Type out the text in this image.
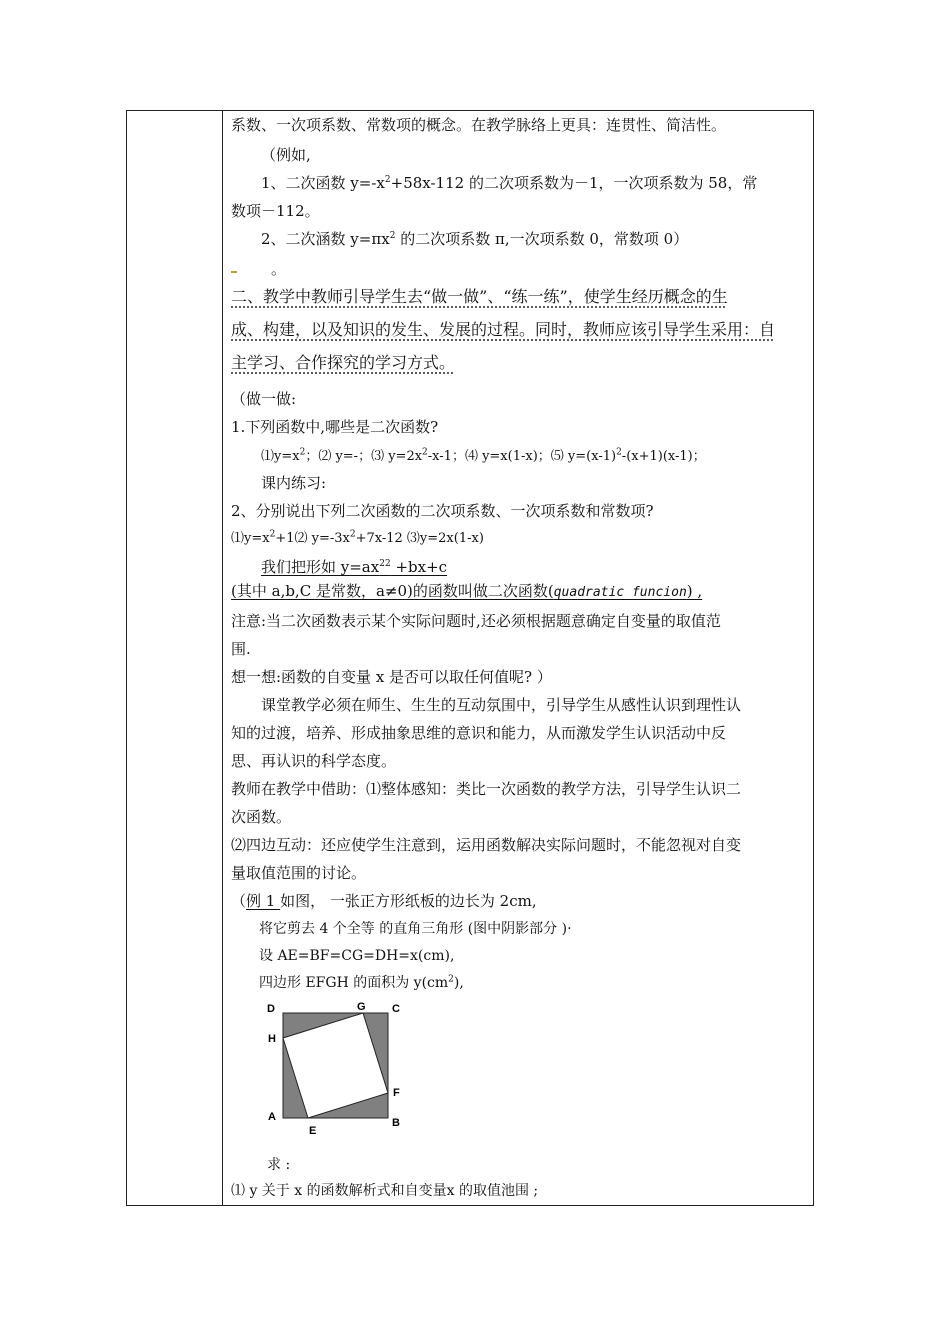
系数、一次项系数、常数项的概念。在教学脉络上更具：连贯性、简洁性。
（例如,
1、二次函数 $y=-x^2+58x-112$ 的二次项系数为－1，一次项系数为 58，常
数项－112。
2、二次涵数 $y=\pi x^2$ 的二次项系数 π,一次项系数 0，常数项 0）
。
二、教学中教师引导学生去“做一做”、“练一练”，使学生经历概念的生
成、构建，以及知识的发生、发展的过程。同时，教师应该引导学生采用：自
主学习、合作探究的学习方式。
（做一做:
1.下列函数中,哪些是二次函数?
$⑴y=x^2$；⑵ y=-；⑶ $y=2x^2-x-1$；⑷ y=x(1-x)；⑸ $y=(x-1)^2-(x+1)(x-1)$；
课内练习:
2、分别说出下列二次函数的二次项系数、一次项系数和常数项?
$⑴y=x^2+1⑵$ $y=-3x^2+7x-12$ ⑶y=2x(1-x)
我们把形如 $y=ax^{22} +bx+c$
(其中 a,b,C 是常数，a≠0)的函数叫做二次函数(quadratic funcion) ,
注意:当二次函数表示某个实际问题时,还必须根据题意确定自变量的取值范
围.
想一想:函数的自变量 x 是否可以取任何值呢? ）
课堂教学必须在师生、生生的互动氛围中，引导学生从感性认识到理性认
知的过渡，培养、形成抽象思维的意识和能力，从而激发学生认识活动中反
思、再认识的科学态度。
教师在教学中借助：⑴整体感知：类比一次函数的教学方法，引导学生认识二
次函数。
⑵四边互动：还应使学生注意到，运用函数解决实际问题时，不能忽视对自变
量取值范围的讨论。
（例 1 如图， 一张正方形纸板的边长为 2cm,
将它剪去 4 个全等 的直角三角形 (图中阴影部分 )·
设 AE=BF=CG=DH=x(cm),
四边形 EFGH 的面积为 $y(cm^2)$,
D	G C
H
F
A
E
B
求 :
⑴ y 关于 x 的函数解析式和自变量x 的取值池围 ;
